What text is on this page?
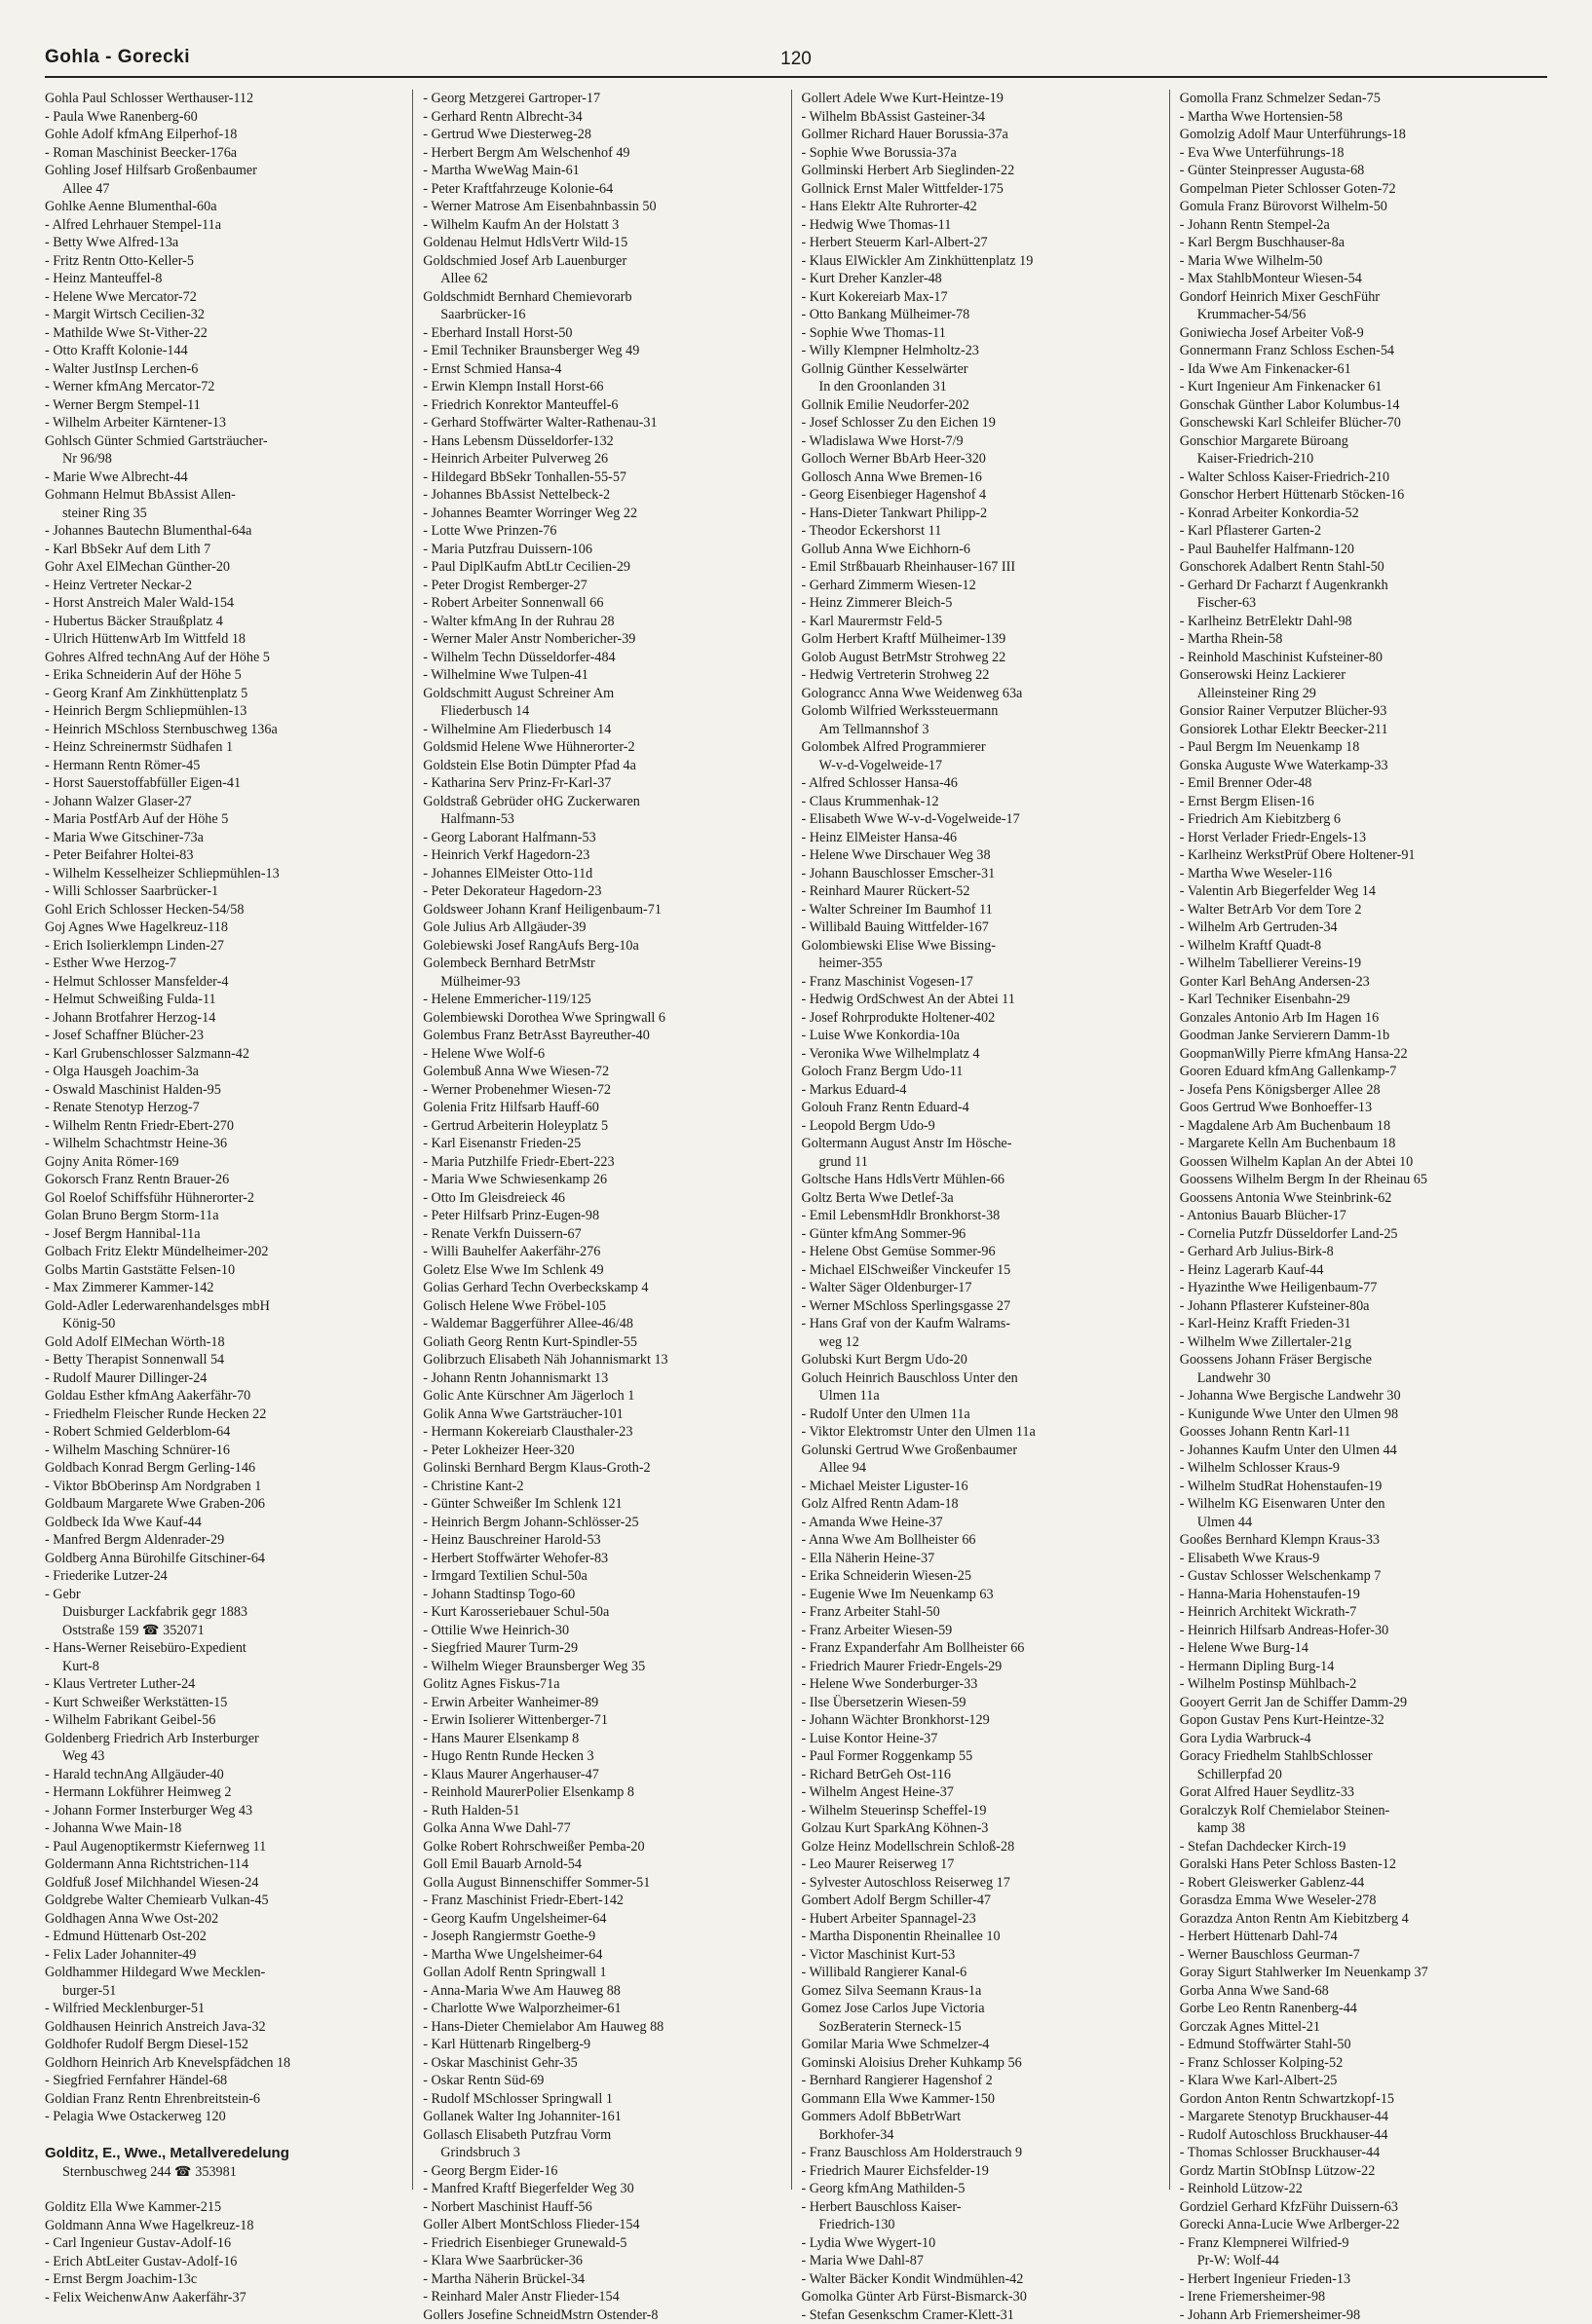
Gohla - Gorecki	120
Gohla Paul Schlosser Werthauser-112
- Paula Wwe Ranenberg-60
Gohle Adolf kfmAng Eilperhof-18
- Roman Maschinist Beecker-176a
Gohling Josef Hilfsarb Großenbaumer
Allee 47
Gohlke Aenne Blumenthal-60a
- Alfred Lehrhauer Stempel-11a
- Betty Wwe Alfred-13a
- Fritz Rentn Otto-Keller-5
- Heinz Manteuffel-8
- Helene Wwe Mercator-72
- Margit Wirtsch Cecilien-32
- Mathilde Wwe St-Vither-22
- Otto Krafft Kolonie-144
- Walter JustInsp Lerchen-6
- Werner kfmAng Mercator-72
- Werner Bergm Stempel-11
- Wilhelm Arbeiter Kärntener-13
Gohlsch Günter Schmied Gartsträucher-
Nr 96/98
- Marie Wwe Albrecht-44
Gohmann Helmut BbAssist Allen-
steiner Ring 35
- Johannes Bautechn Blumenthal-64a
- Karl BbSekr Auf dem Lith 7
Gohr Axel ElMechan Günther-20
- Heinz Vertreter Neckar-2
- Horst Anstreich Maler Wald-154
- Hubertus Bäcker Straußplatz 4
- Ulrich HüttenwArb Im Wittfeld 18
Gohres Alfred technAng Auf der Höhe 5
- Erika Schneiderin Auf der Höhe 5
- Georg Kranf Am Zinkhüttenplatz 5
- Heinrich Bergm Schliepmühlen-13
- Heinrich MSchloss Sternbuschweg 136a
- Heinz Schreinermstr Südhafen 1
- Hermann Rentn Römer-45
- Horst Sauerstoffabfüller Eigen-41
- Johann Walzer Glaser-27
- Maria PostfArb Auf der Höhe 5
- Maria Wwe Gitschiner-73a
- Peter Beifahrer Holtei-83
- Wilhelm Kesselheizer Schliepmühlen-13
- Willi Schlosser Saarbrücker-1
Gohl Erich Schlosser Hecken-54/58
Goj Agnes Wwe Hagelkreuz-118
- Erich Isolierklempn Linden-27
- Esther Wwe Herzog-7
- Helmut Schlosser Mansfelder-4
- Helmut Schweißing Fulda-11
- Johann Brotfahrer Herzog-14
- Josef Schaffner Blücher-23
- Karl Grubenschlosser Salzmann-42
- Olga Hausgeh Joachim-3a
- Oswald Maschinist Halden-95
- Renate Stenotyp Herzog-7
- Wilhelm Rentn Friedr-Ebert-270
- Wilhelm Schachtmstr Heine-36
Gojny Anita Römer-169
Gokorsch Franz Rentn Brauer-26
Gol Roelof Schiffsführ Hühnerorter-2
Golan Bruno Bergm Storm-11a
- Josef Bergm Hannibal-11a
Golbach Fritz Elektr Mündelheimer-202
Golbs Martin Gaststätte Felsen-10
- Max Zimmerer Kammer-142
Gold-Adler Lederwarenhandelsges mbH
König-50
Gold Adolf ElMechan Wörth-18
- Betty Therapist Sonnenwall 54
- Rudolf Maurer Dillinger-24
Goldau Esther kfmAng Aakerfähr-70
- Friedhelm Fleischer Runde Hecken 22
- Robert Schmied Gelderblom-64
- Wilhelm Masching Schnürer-16
Goldbach Konrad Bergm Gerling-146
- Viktor BbOberinsp Am Nordgraben 1
Goldbaum Margarete Wwe Graben-206
Goldbeck Ida Wwe Kauf-44
- Manfred Bergm Aldenrader-29
Goldberg Anna Bürohilfe Gitschiner-64
- Friederike Lutzer-24
- Gebr
Duisburger Lackfabrik gegr 1883
Oststraße 159 ☎ 352071
- Hans-Werner Reisebüro-Expedient
Kurt-8
- Klaus Vertreter Luther-24
- Kurt Schweißer Werkstätten-15
- Wilhelm Fabrikant Geibel-56
Goldenberg Friedrich Arb Insterburger
Weg 43
- Harald technAng Allgäuder-40
- Hermann Lokführer Heimweg 2
- Johann Former Insterburger Weg 43
- Johanna Wwe Main-18
- Paul Augenoptikermstr Kiefernweg 11
Goldermann Anna Richtstrichen-114
Goldfuß Josef Milchhandel Wiesen-24
Goldgrebe Walter Chemiearb Vulkan-45
Goldhagen Anna Wwe Ost-202
- Edmund Hüttenarb Ost-202
- Felix Lader Johanniter-49
Goldhammer Hildegard Wwe Mecklen-
burger-51
- Wilfried Mecklenburger-51
Goldhausen Heinrich Anstreich Java-32
Goldhofer Rudolf Bergm Diesel-152
Goldhorn Heinrich Arb Knevelspfädchen 18
- Siegfried Fernfahrer Händel-68
Goldian Franz Rentn Ehrenbreitstein-6
- Pelagia Wwe Ostackerweg 120
Golditz, E., Wwe., Metallveredelung
Sternbuschweg 244 ☎ 353981
Golditz Ella Wwe Kammer-215
Goldmann Anna Wwe Hagelkreuz-18
- Carl Ingenieur Gustav-Adolf-16
- Erich AbtLeiter Gustav-Adolf-16
- Ernst Bergm Joachim-13c
- Felix WeichenwAnw Aakerfähr-37
- Georg Metzgerei Gartroper-17
- Gerhard Rentn Albrecht-34
- Gertrud Wwe Diesterweg-28
- Herbert Bergm Am Welschenhof 49
- Martha WweWag Main-61
- Peter Kraftfahrzeuge Kolonie-64
- Werner Matrose Am Eisenbahnbassin 50
- Wilhelm Kaufm An der Holstatt 3
Goldenau Helmut HdlsVertr Wild-15
Goldschmied Josef Arb Lauenburger
Allee 62
Goldschmidt Bernhard Chemievorarb
Saarbrücker-16
- Eberhard Install Horst-50
- Emil Techniker Braunsberger Weg 49
- Ernst Schmied Hansa-4
- Erwin Klempn Install Horst-66
- Friedrich Konrektor Manteuffel-6
- Gerhard Stoffwärter Walter-Rathenau-31
- Hans Lebensm Düsseldorfer-132
- Heinrich Arbeiter Pulverweg 26
- Hildegard BbSekr Tonhallen-55-57
- Johannes BbAssist Nettelbeck-2
- Johannes Beamter Worringer Weg 22
- Lotte Wwe Prinzen-76
- Maria Putzfrau Duissern-106
- Paul DiplKaufm AbtLtr Cecilien-29
- Peter Drogist Remberger-27
- Robert Arbeiter Sonnenwall 66
- Walter kfmAng In der Ruhrau 28
- Werner Maler Anstr Nombericher-39
- Wilhelm Techn Düsseldorfer-484
- Wilhelmine Wwe Tulpen-41
Goldschmitt August Schreiner Am
Fliederbusch 14
- Wilhelmine Am Fliederbusch 14
Goldsmid Helene Wwe Hühnerorter-2
Goldstein Else Botin Dümpter Pfad 4a
- Katharina Serv Prinz-Fr-Karl-37
Goldstraß Gebrüder oHG Zuckerwaren
Halfmann-53
- Georg Laborant Halfmann-53
- Heinrich Verkf Hagedorn-23
- Johannes ElMeister Otto-11d
- Peter Dekorateur Hagedorn-23
Goldsweer Johann Kranf Heiligenbaum-71
Gole Julius Arb Allgäuder-39
Golebiewski Josef RangAufs Berg-10a
Golembeck Bernhard BetrMstr
Mülheimer-93
- Helene Emmericher-119/125
Golembiewski Dorothea Wwe Springwall 6
Golembus Franz BetrAsst Bayreuther-40
- Helene Wwe Wolf-6
Golembuß Anna Wwe Wiesen-72
- Werner Probenehmer Wiesen-72
Golenia Fritz Hilfsarb Hauff-60
- Gertrud Arbeiterin Holeyplatz 5
- Karl Eisenanstr Frieden-25
- Maria Putzhilfe Friedr-Ebert-223
- Maria Wwe Schwiesenkamp 26
- Otto Im Gleisdreieck 46
- Peter Hilfsarb Prinz-Eugen-98
- Renate Verkfn Duissern-67
- Willi Bauhelfer Aakerfähr-276
Goletz Else Wwe Im Schlenk 49
Golias Gerhard Techn Overbeckskamp 4
Golisch Helene Wwe Fröbel-105
- Waldemar Baggerführer Allee-46/48
Goliath Georg Rentn Kurt-Spindler-55
Golibrzuch Elisabeth Näh Johannismarkt 13
- Johann Rentn Johannismarkt 13
Golic Ante Kürschner Am Jägerloch 1
Golik Anna Wwe Gartsträucher-101
- Hermann Kokereiarb Clausthaler-23
- Peter Lokheizer Heer-320
Golinski Bernhard Bergm Klaus-Groth-2
- Christine Kant-2
- Günter Schweißer Im Schlenk 121
- Heinrich Bergm Johann-Schlösser-25
- Heinz Bauschreiner Harold-53
- Herbert Stoffwärter Wehofer-83
- Irmgard Textilien Schul-50a
- Johann Stadtinsp Togo-60
- Kurt Karosseriebauer Schul-50a
- Ottilie Wwe Heinrich-30
- Siegfried Maurer Turm-29
- Wilhelm Wieger Braunsberger Weg 35
Golitz Agnes Fiskus-71a
- Erwin Arbeiter Wanheimer-89
- Erwin Isolierer Wittenberger-71
- Hans Maurer Elsenkamp 8
- Hugo Rentn Runde Hecken 3
- Klaus Maurer Angerhauser-47
- Reinhold MaurerPolier Elsenkamp 8
- Ruth Halden-51
Golka Anna Wwe Dahl-77
Golke Robert Rohrschweißer Pemba-20
Goll Emil Bauarb Arnold-54
Golla August Binnenschiffer Sommer-51
- Franz Maschinist Friedr-Ebert-142
- Georg Kaufm Ungelsheimer-64
- Joseph Rangiermstr Goethe-9
- Martha Wwe Ungelsheimer-64
Gollan Adolf Rentn Springwall 1
- Anna-Maria Wwe Am Hauweg 88
- Charlotte Wwe Walporzheimer-61
- Hans-Dieter Chemielabor Am Hauweg 88
- Karl Hüttenarb Ringelberg-9
- Oskar Maschinist Gehr-35
- Oskar Rentn Süd-69
- Rudolf MSchlosser Springwall 1
Gollanek Walter Ing Johanniter-161
Gollasch Elisabeth Putzfrau Vorm
Grindsbruch 3
- Georg Bergm Eider-16
- Manfred Kraftf Biegerfelder Weg 30
- Norbert Maschinist Hauff-56
Goller Albert MontSchloss Flieder-154
- Friedrich Eisenbieger Grunewald-5
- Klara Wwe Saarbrücker-36
- Martha Näherin Brückel-34
- Reinhard Maler Anstr Flieder-154
Gollers Josefine SchneidMstrn Ostender-8
Gollert Adele Wwe Kurt-Heintze-19
- Wilhelm BbAssist Gasteiner-34
Gollmer Richard Hauer Borussia-37a
- Sophie Wwe Borussia-37a
Gollminski Herbert Arb Sieglinden-22
Gollnick Ernst Maler Wittfelder-175
- Hans Elektr Alte Ruhrorter-42
- Hedwig Wwe Thomas-11
- Herbert Steuerm Karl-Albert-27
- Klaus ElWickler Am Zinkhüttenplatz 19
- Kurt Dreher Kanzler-48
- Kurt Kokereiarb Max-17
- Otto Bankang Mülheimer-78
- Sophie Wwe Thomas-11
- Willy Klempner Helmholtz-23
Gollnig Günther Kesselwärter
In den Groonlanden 31
Gollnik Emilie Neudorfer-202
- Josef Schlosser Zu den Eichen 19
- Wladislawa Wwe Horst-7/9
Golloch Werner BbArb Heer-320
Gollosch Anna Wwe Bremen-16
- Georg Eisenbieger Hagenshof 4
- Hans-Dieter Tankwart Philipp-2
- Theodor Eckershorst 11
Gollub Anna Wwe Eichhorn-6
- Emil Strßbauarb Rheinhauser-167 III
- Gerhard Zimmerm Wiesen-12
- Heinz Zimmerer Bleich-5
- Karl Maurermstr Feld-5
Golm Herbert Kraftf Mülheimer-139
Golob August BetrMstr Strohweg 22
- Hedwig Vertreterin Strohweg 22
Golograncc Anna Wwe Weidenweg 63a
Golomb Wilfried Werkssteuermann
Am Tellmannshof 3
Golombek Alfred Programmierer
W-v-d-Vogelweide-17
- Alfred Schlosser Hansa-46
- Claus Krummenhak-12
- Elisabeth Wwe W-v-d-Vogelweide-17
- Heinz ElMeister Hansa-46
- Helene Wwe Dirschauer Weg 38
- Johann Bauschlosser Emscher-31
- Reinhard Maurer Rückert-52
- Walter Schreiner Im Baumhof 11
- Willibald Bauing Wittfelder-167
Golombiewski Elise Wwe Bissing-
heimer-355
- Franz Maschinist Vogesen-17
- Hedwig OrdSchwest An der Abtei 11
- Josef Rohrprodukte Holtener-402
- Luise Wwe Konkordia-10a
- Veronika Wwe Wilhelmplatz 4
Goloch Franz Bergm Udo-11
- Markus Eduard-4
Golouh Franz Rentn Eduard-4
- Leopold Bergm Udo-9
Goltermann August Anstr Im Hösche-
grund 11
Goltsche Hans HdlsVertr Mühlen-66
Goltz Berta Wwe Detlef-3a
- Emil LebensmHdlr Bronkhorst-38
- Günter kfmAng Sommer-96
- Helene Obst Gemüse Sommer-96
- Michael ElSchweißer Vinckeufer 15
- Walter Säger Oldenburger-17
- Werner MSchloss Sperlingsgasse 27
- Hans Graf von der Kaufm Walrams-
weg 12
Golubski Kurt Bergm Udo-20
Goluch Heinrich Bauschloss Unter den
Ulmen 11a
- Rudolf Unter den Ulmen 11a
- Viktor Elektromstr Unter den Ulmen 11a
Golunski Gertrud Wwe Großenbaumer
Allee 94
- Michael Meister Liguster-16
Golz Alfred Rentn Adam-18
- Amanda Wwe Heine-37
- Anna Wwe Am Bollheister 66
- Ella Näherin Heine-37
- Erika Schneiderin Wiesen-25
- Eugenie Wwe Im Neuenkamp 63
- Franz Arbeiter Stahl-50
- Franz Arbeiter Wiesen-59
- Franz Expanderfahr Am Bollheister 66
- Friedrich Maurer Friedr-Engels-29
- Helene Wwe Sonderburger-33
- Ilse Übersetzerin Wiesen-59
- Johann Wächter Bronkhorst-129
- Luise Kontor Heine-37
- Paul Former Roggenkamp 55
- Richard BetrGeh Ost-116
- Wilhelm Angest Heine-37
- Wilhelm Steuerinsp Scheffel-19
Golzau Kurt SparkAng Köhnen-3
Golze Heinz Modellschrein Schloß-28
- Leo Maurer Reiserweg 17
- Sylvester Autoschloss Reiserweg 17
Gombert Adolf Bergm Schiller-47
- Hubert Arbeiter Spannagel-23
- Martha Disponentin Rheinallee 10
- Victor Maschinist Kurt-53
- Willibald Rangierer Kanal-6
Gomez Silva Seemann Kraus-1a
Gomez Jose Carlos Jupe Victoria
SozBeraterin Sterneck-15
Gomilar Maria Wwe Schmelzer-4
Gominski Aloisius Dreher Kuhkamp 56
- Bernhard Rangierer Hagenshof 2
Gommann Ella Wwe Kammer-150
Gommers Adolf BbBetrWart
Borkhofer-34
- Franz Bauschloss Am Holderstrauch 9
- Friedrich Maurer Eichsfelder-19
- Georg kfmAng Mathilden-5
- Herbert Bauschloss Kaiser-
Friedrich-130
- Lydia Wwe Wygert-10
- Maria Wwe Dahl-87
- Walter Bäcker Kondit Windmühlen-42
Gomolka Günter Arb Fürst-Bismarck-30
- Stefan Gesenkschm Cramer-Klett-31
Gomolla Franz Schmelzer Sedan-75
- Martha Wwe Hortensien-58
Gomolzig Adolf Maur Unterführungs-18
- Eva Wwe Unterführungs-18
- Günter Steinpresser Augusta-68
Gompelman Pieter Schlosser Goten-72
Gomula Franz Bürovorst Wilhelm-50
- Johann Rentn Stempel-2a
- Karl Bergm Buschhauser-8a
- Maria Wwe Wilhelm-50
- Max StahlbMonteur Wiesen-54
Gondorf Heinrich Mixer GeschFühr
Krummacher-54/56
Goniwiecha Josef Arbeiter Voß-9
Gonnermann Franz Schloss Eschen-54
- Ida Wwe Am Finkenacker-61
- Kurt Ingenieur Am Finkenacker 61
Gonschak Günther Labor Kolumbus-14
Gonschewski Karl Schleifer Blücher-70
Gonschior Margarete Büroang
Kaiser-Friedrich-210
- Walter Schloss Kaiser-Friedrich-210
Gonschor Herbert Hüttenarb Stöcken-16
- Konrad Arbeiter Konkordia-52
- Karl Pflasterer Garten-2
- Paul Bauhelfer Halfmann-120
Gonschorek Adalbert Rentn Stahl-50
- Gerhard Dr Facharzt f Augenkrankh
Fischer-63
- Karlheinz BetrElektr Dahl-98
- Martha Rhein-58
- Reinhold Maschinist Kufsteiner-80
Gonserowski Heinz Lackierer
Alleinsteiner Ring 29
Gonsior Rainer Verputzer Blücher-93
Gonsiorek Lothar Elektr Beecker-211
- Paul Bergm Im Neuenkamp 18
Gonska Auguste Wwe Waterkamp-33
- Emil Brenner Oder-48
- Ernst Bergm Elisen-16
- Friedrich Am Kiebitzberg 6
- Horst Verlader Friedr-Engels-13
- Karlheinz WerkstPrüf Obere Holtener-91
- Martha Wwe Weseler-116
- Valentin Arb Biegerfelder Weg 14
- Walter BetrArb Vor dem Tore 2
- Wilhelm Arb Gertruden-34
- Wilhelm Kraftf Quadt-8
- Wilhelm Tabellierer Vereins-19
Gonter Karl BehAng Andersen-23
- Karl Techniker Eisenbahn-29
Gonzales Antonio Arb Im Hagen 16
Goodman Janke Servierern Damm-1b
GoopmanWilly Pierre kfmAng Hansa-22
Gooren Eduard kfmAng Gallenkamp-7
- Josefa Pens Königsberger Allee 28
Goos Gertrud Wwe Bonhoeffer-13
- Magdalene Arb Am Buchenbaum 18
- Margarete Kelln Am Buchenbaum 18
Goossen Wilhelm Kaplan An der Abtei 10
Goossens Wilhelm Bergm In der Rheinau 65
Goossens Antonia Wwe Steinbrink-62
- Antonius Bauarb Blücher-17
- Cornelia Putzfr Düsseldorfer Land-25
- Gerhard Arb Julius-Birk-8
- Heinz Lagerarb Kauf-44
- Hyazinthe Wwe Heiligenbaum-77
- Johann Pflasterer Kufsteiner-80a
- Karl-Heinz Krafft Frieden-31
- Wilhelm Wwe Zillertaler-21g
Goossens Johann Fräser Bergische
Landwehr 30
- Johanna Wwe Bergische Landwehr 30
- Kunigunde Wwe Unter den Ulmen 98
Goosses Johann Rentn Karl-11
- Johannes Kaufm Unter den Ulmen 44
- Wilhelm Schlosser Kraus-9
- Wilhelm StudRat Hohenstaufen-19
- Wilhelm KG Eisenwaren Unter den
Ulmen 44
Gooßes Bernhard Klempn Kraus-33
- Elisabeth Wwe Kraus-9
- Gustav Schlosser Welschenkamp 7
- Hanna-Maria Hohenstaufen-19
- Heinrich Architekt Wickrath-7
- Heinrich Hilfsarb Andreas-Hofer-30
- Helene Wwe Burg-14
- Hermann Dipling Burg-14
- Wilhelm Postinsp Mühlbach-2
Gooyert Gerrit Jan de Schiffer Damm-29
Gopon Gustav Pens Kurt-Heintze-32
Gora Lydia Warbruck-4
Goracy Friedhelm StahlbSchlosser
Schillerpfad 20
Gorat Alfred Hauer Seydlitz-33
Goralczyk Rolf Chemielabor Steinen-
kamp 38
- Stefan Dachdecker Kirch-19
Goralski Hans Peter Schloss Basten-12
- Robert Gleiswerker Gablenz-44
Gorasdza Emma Wwe Weseler-278
Gorazdza Anton Rentn Am Kiebitzberg 4
- Herbert Hüttenarb Dahl-74
- Werner Bauschloss Geurman-7
Goray Sigurt Stahlwerker Im Neuenkamp 37
Gorba Anna Wwe Sand-68
Gorbe Leo Rentn Ranenberg-44
Gorczak Agnes Mittel-21
- Edmund Stoffwärter Stahl-50
- Franz Schlosser Kolping-52
- Klara Wwe Karl-Albert-25
Gordon Anton Rentn Schwartzkopf-15
- Margarete Stenotyp Bruckhauser-44
- Rudolf Autoschloss Bruckhauser-44
- Thomas Schlosser Bruckhauser-44
Gordz Martin StObInsp Lützow-22
- Reinhold Lützow-22
Gordziel Gerhard KfzFühr Duissern-63
Gorecki Anna-Lucie Wwe Arlberger-22
- Franz Klempnerei Wilfried-9
Pr-W: Wolf-44
- Herbert Ingenieur Frieden-13
- Irene Friemersheimer-98
- Johann Arb Friemersheimer-98
